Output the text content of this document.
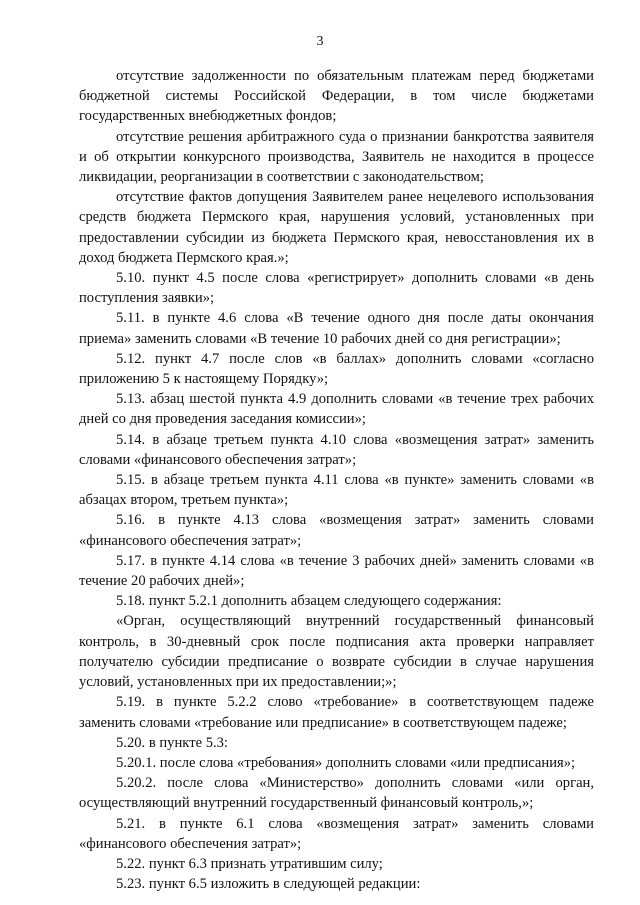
3

отсутствие задолженности по обязательным платежам перед бюджетами бюджетной системы Российской Федерации, в том числе бюджетами государственных внебюджетных фондов;

отсутствие решения арбитражного суда о признании банкротства заявителя и об открытии конкурсного производства, Заявитель не находится в процессе ликвидации, реорганизации в соответствии с законодательством;

отсутствие фактов допущения Заявителем ранее нецелевого использования средств бюджета Пермского края, нарушения условий, установленных при предоставлении субсидии из бюджета Пермского края, невосстановления их в доход бюджета Пермского края.»;

5.10. пункт 4.5 после слова «регистрирует» дополнить словами «в день поступления заявки»;

5.11. в пункте 4.6 слова «В течение одного дня после даты окончания приема» заменить словами «В течение 10 рабочих дней со дня регистрации»;

5.12. пункт 4.7 после слов «в баллах» дополнить словами «согласно приложению 5 к настоящему Порядку»;

5.13. абзац шестой пункта 4.9 дополнить словами «в течение трех рабочих дней со дня проведения заседания комиссии»;

5.14. в абзаце третьем пункта 4.10 слова «возмещения затрат» заменить словами «финансового обеспечения затрат»;

5.15. в абзаце третьем пункта 4.11 слова «в пункте» заменить словами «в абзацах втором, третьем пункта»;

5.16. в пункте 4.13 слова «возмещения затрат» заменить словами «финансового обеспечения затрат»;

5.17. в пункте 4.14 слова «в течение 3 рабочих дней» заменить словами «в течение 20 рабочих дней»;

5.18. пункт 5.2.1 дополнить абзацем следующего содержания:

«Орган, осуществляющий внутренний государственный финансовый контроль, в 30-дневный срок после подписания акта проверки направляет получателю субсидии предписание о возврате субсидии в случае нарушения условий, установленных при их предоставлении;»;

5.19. в пункте 5.2.2 слово «требование» в соответствующем падеже заменить словами «требование или предписание» в соответствующем падеже;

5.20. в пункте 5.3:

5.20.1. после слова «требования» дополнить словами «или предписания»;

5.20.2. после слова «Министерство» дополнить словами «или орган, осуществляющий внутренний государственный финансовый контроль,»;

5.21. в пункте 6.1 слова «возмещения затрат» заменить словами «финансового обеспечения затрат»;

5.22. пункт 6.3 признать утратившим силу;

5.23. пункт 6.5 изложить в следующей редакции:
